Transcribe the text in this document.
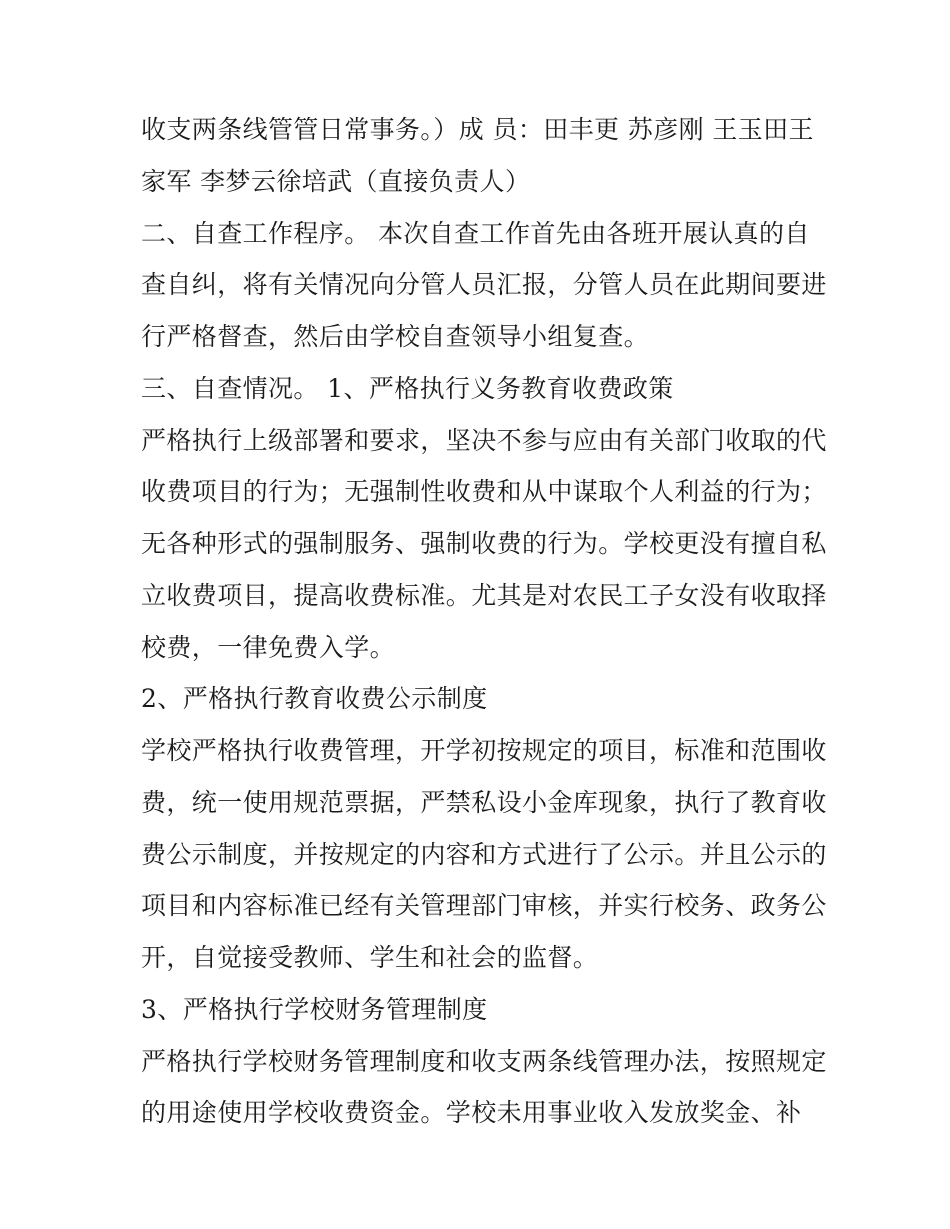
收支两条线管管日常事务。）成 员：田丰更 苏彦刚 王玉田王
家军 李梦云徐培武（直接负责人）
二、自查工作程序。 本次自查工作首先由各班开展认真的自
查自纠，将有关情况向分管人员汇报，分管人员在此期间要进
行严格督查，然后由学校自查领导小组复查。
三、自查情况。 1、严格执行义务教育收费政策
严格执行上级部署和要求，坚决不参与应由有关部门收取的代
收费项目的行为；无强制性收费和从中谋取个人利益的行为；
无各种形式的强制服务、强制收费的行为。学校更没有擅自私
立收费项目，提高收费标准。尤其是对农民工子女没有收取择
校费，一律免费入学。
2、严格执行教育收费公示制度
学校严格执行收费管理，开学初按规定的项目，标准和范围收
费，统一使用规范票据，严禁私设小金库现象，执行了教育收
费公示制度，并按规定的内容和方式进行了公示。并且公示的
项目和内容标准已经有关管理部门审核，并实行校务、政务公
开，自觉接受教师、学生和社会的监督。
3、严格执行学校财务管理制度
严格执行学校财务管理制度和收支两条线管理办法，按照规定
的用途使用学校收费资金。学校未用事业收入发放奖金、补
